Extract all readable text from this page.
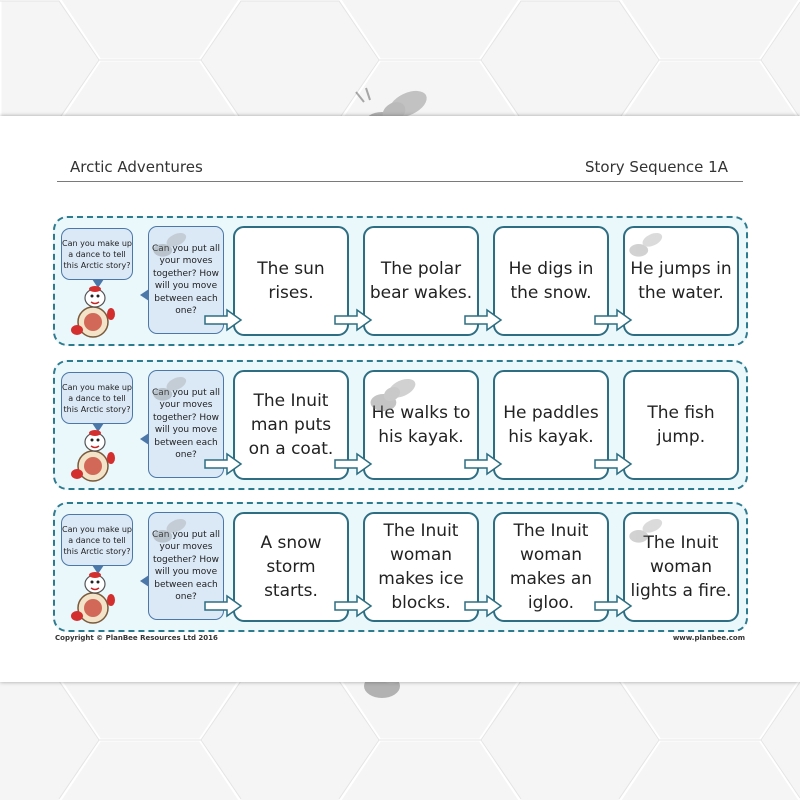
Arctic Adventures	Story Sequence 1A
Can you make up a dance to tell this Arctic story?
Can you put all your moves together? How will you move between each one?
The sun rises.
The polar bear wakes.
He digs in the snow.
He jumps in the water.
Can you make up a dance to tell this Arctic story?
Can you put all your moves together? How will you move between each one?
The Inuit man puts on a coat.
He walks to his kayak.
He paddles his kayak.
The fish jump.
Can you make up a dance to tell this Arctic story?
Can you put all your moves together? How will you move between each one?
A snow storm starts.
The Inuit woman makes ice blocks.
The Inuit woman makes an igloo.
The Inuit woman lights a fire.
Copyright © PlanBee Resources Ltd 2016	www.planbee.com
